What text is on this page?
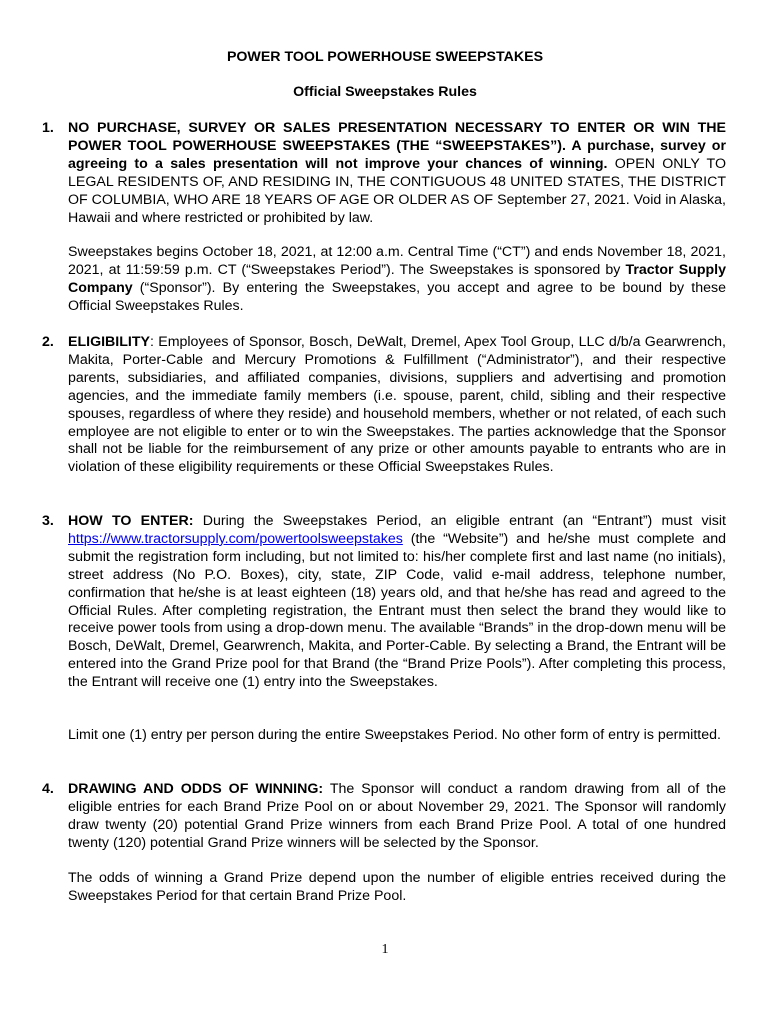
POWER TOOL POWERHOUSE SWEEPSTAKES
Official Sweepstakes Rules
1. NO PURCHASE, SURVEY OR SALES PRESENTATION NECESSARY TO ENTER OR WIN THE POWER TOOL POWERHOUSE SWEEPSTAKES (THE “SWEEPSTAKES”). A purchase, survey or agreeing to a sales presentation will not improve your chances of winning. OPEN ONLY TO LEGAL RESIDENTS OF, AND RESIDING IN, THE CONTIGUOUS 48 UNITED STATES, THE DISTRICT OF COLUMBIA, WHO ARE 18 YEARS OF AGE OR OLDER AS OF September 27, 2021. Void in Alaska, Hawaii and where restricted or prohibited by law.
Sweepstakes begins October 18, 2021, at 12:00 a.m. Central Time (“CT”) and ends November 18, 2021, 2021, at 11:59:59 p.m. CT (“Sweepstakes Period”). The Sweepstakes is sponsored by Tractor Supply Company (“Sponsor”). By entering the Sweepstakes, you accept and agree to be bound by these Official Sweepstakes Rules.
2. ELIGIBILITY: Employees of Sponsor, Bosch, DeWalt, Dremel, Apex Tool Group, LLC d/b/a Gearwrench, Makita, Porter-Cable and Mercury Promotions & Fulfillment (“Administrator”), and their respective parents, subsidiaries, and affiliated companies, divisions, suppliers and advertising and promotion agencies, and the immediate family members (i.e. spouse, parent, child, sibling and their respective spouses, regardless of where they reside) and household members, whether or not related, of each such employee are not eligible to enter or to win the Sweepstakes. The parties acknowledge that the Sponsor shall not be liable for the reimbursement of any prize or other amounts payable to entrants who are in violation of these eligibility requirements or these Official Sweepstakes Rules.
3. HOW TO ENTER: During the Sweepstakes Period, an eligible entrant (an “Entrant”) must visit https://www.tractorsupply.com/powertoolsweepstakes (the “Website”) and he/she must complete and submit the registration form including, but not limited to: his/her complete first and last name (no initials), street address (No P.O. Boxes), city, state, ZIP Code, valid e-mail address, telephone number, confirmation that he/she is at least eighteen (18) years old, and that he/she has read and agreed to the Official Rules. After completing registration, the Entrant must then select the brand they would like to receive power tools from using a drop-down menu. The available “Brands” in the drop-down menu will be Bosch, DeWalt, Dremel, Gearwrench, Makita, and Porter-Cable. By selecting a Brand, the Entrant will be entered into the Grand Prize pool for that Brand (the “Brand Prize Pools”). After completing this process, the Entrant will receive one (1) entry into the Sweepstakes.
Limit one (1) entry per person during the entire Sweepstakes Period. No other form of entry is permitted.
4. DRAWING AND ODDS OF WINNING: The Sponsor will conduct a random drawing from all of the eligible entries for each Brand Prize Pool on or about November 29, 2021. The Sponsor will randomly draw twenty (20) potential Grand Prize winners from each Brand Prize Pool. A total of one hundred twenty (120) potential Grand Prize winners will be selected by the Sponsor.
The odds of winning a Grand Prize depend upon the number of eligible entries received during the Sweepstakes Period for that certain Brand Prize Pool.
1
